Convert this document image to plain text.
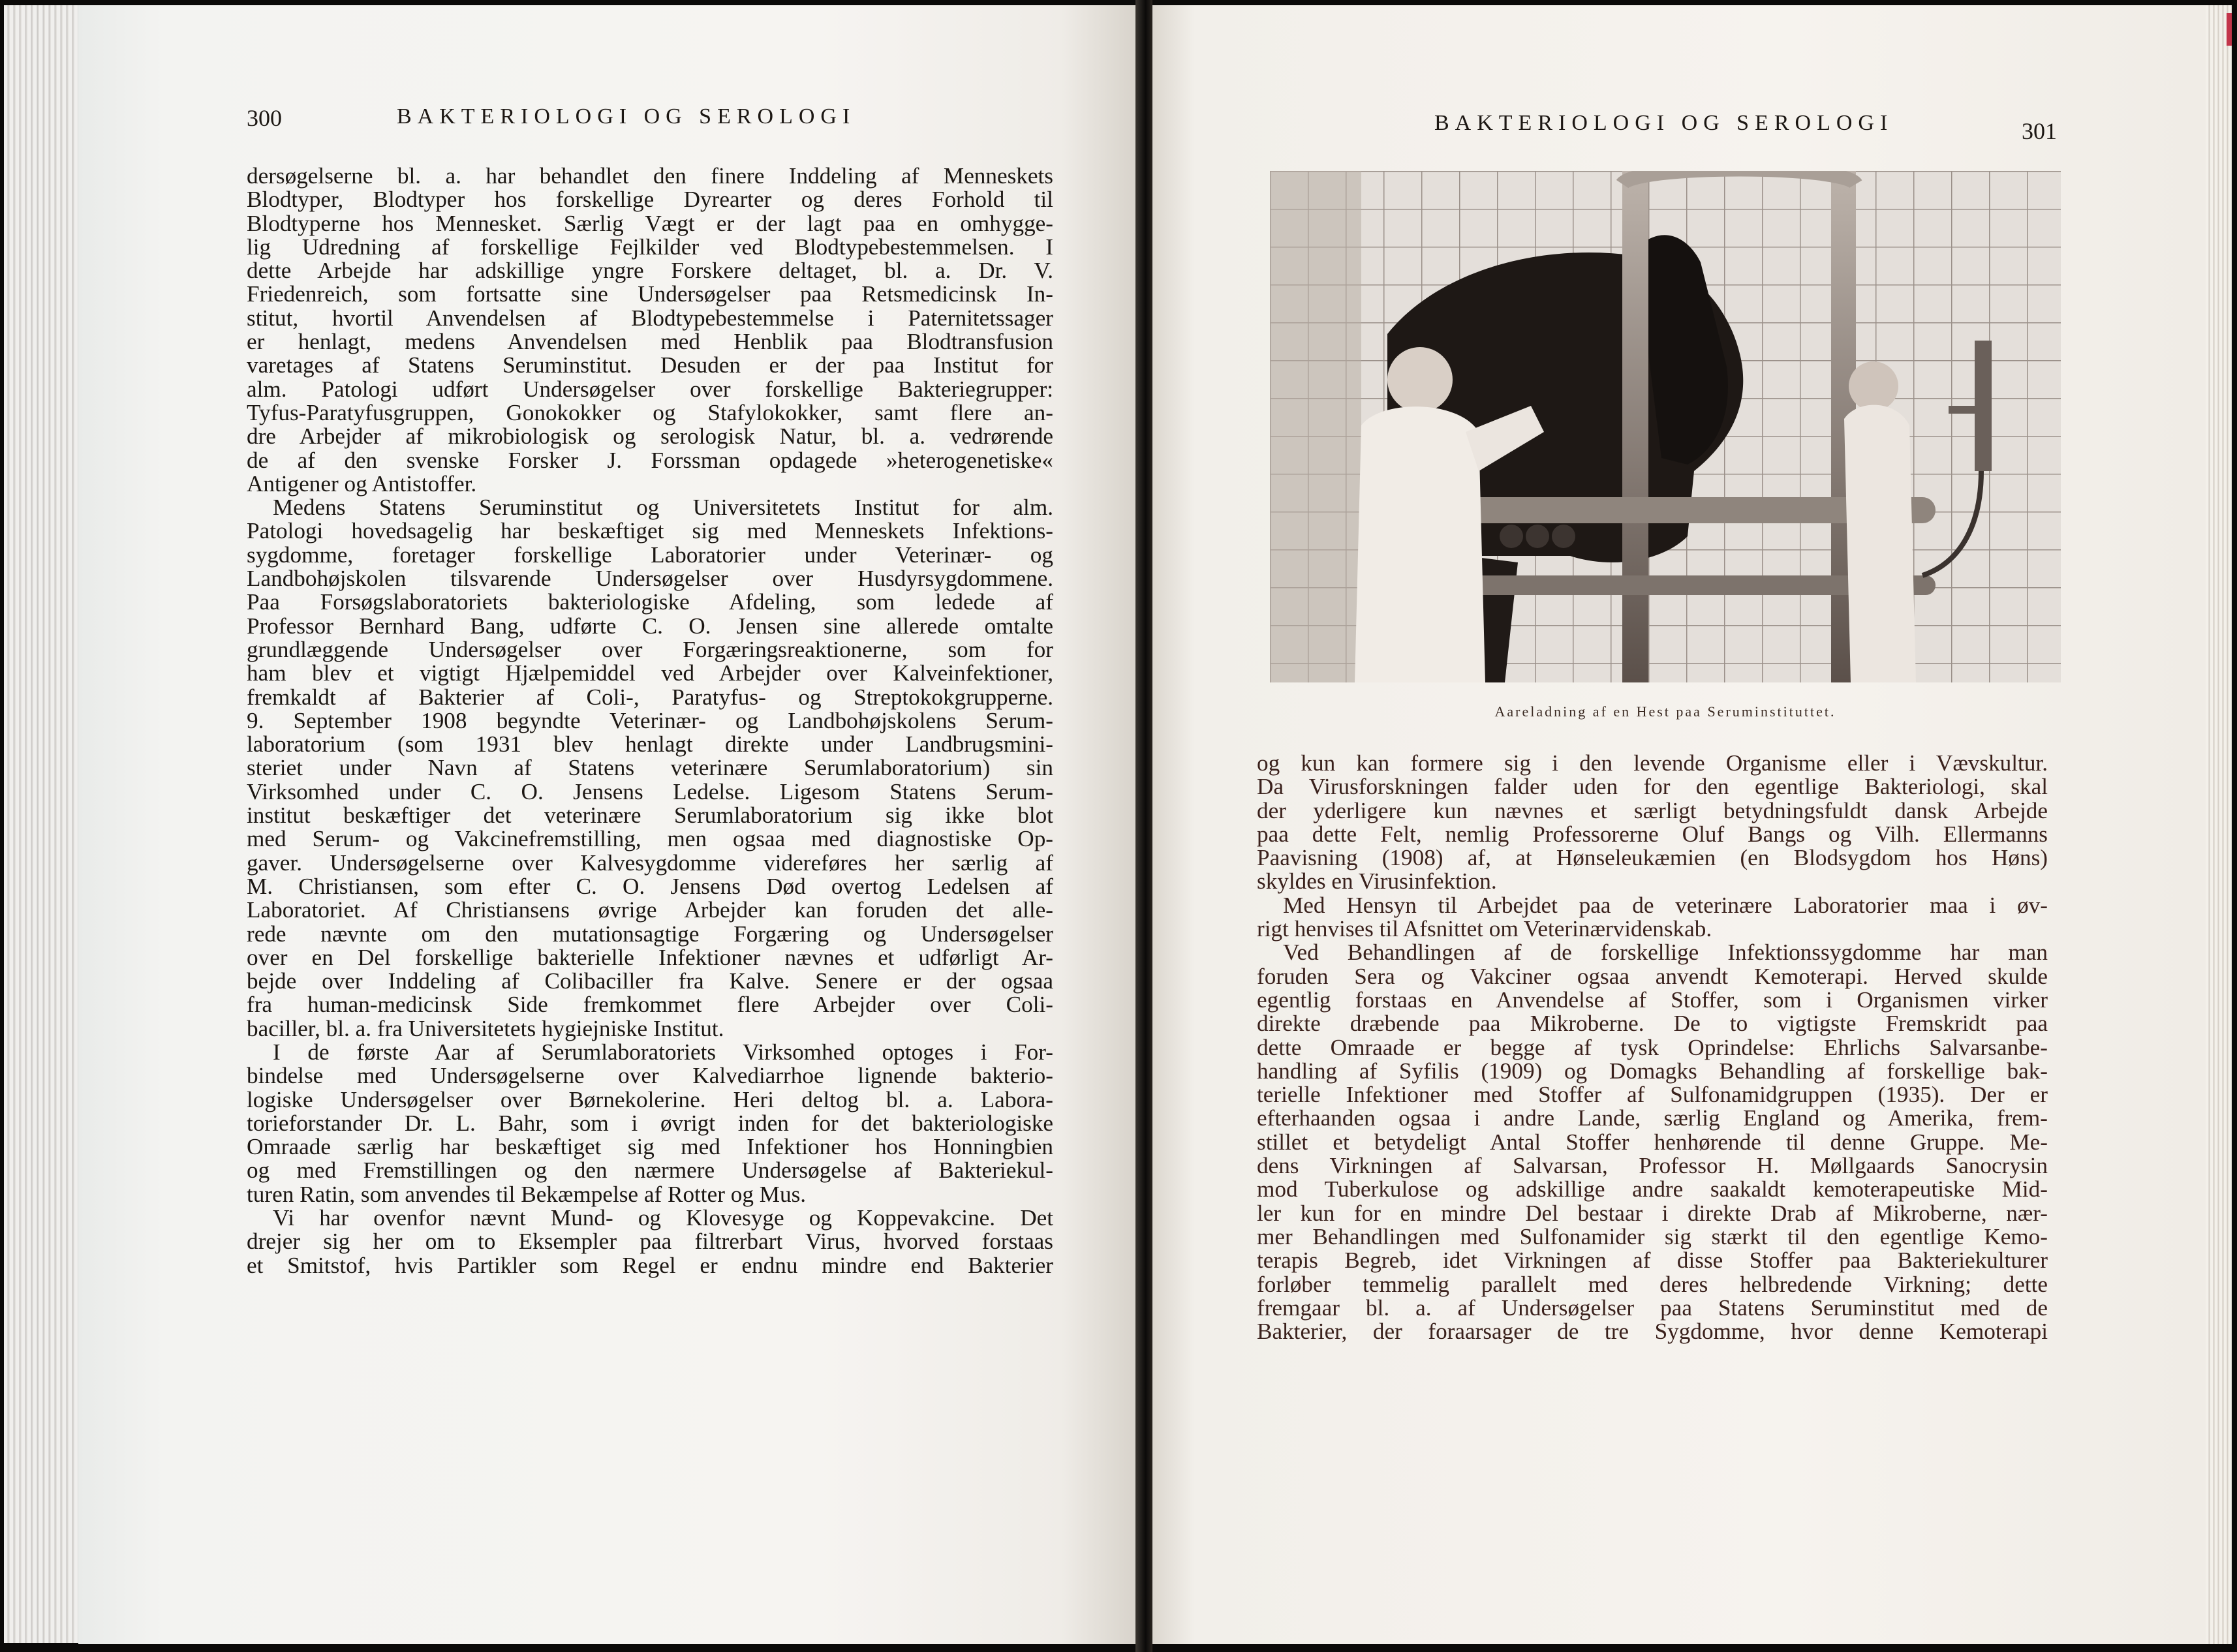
300	BAKTERIOLOGI OG SEROLOGI

dersøgelserne bl. a. har behandlet den finere Inddeling af Menneskets

Blodtyper, Blodtyper hos forskellige Dyrearter og deres Forhold til

Blodtyperne hos Mennesket. Særlig Vægt er der lagt paa en omhygge-

lig Udredning af forskellige Fejlkilder ved Blodtypebestemmelsen. I

dette Arbejde har adskillige yngre Forskere deltaget, bl. a. Dr. V.

Friedenreich, som fortsatte sine Undersøgelser paa Retsmedicinsk In-

stitut, hvortil Anvendelsen af Blodtypebestemmelse i Paternitetssager

er henlagt, medens Anvendelsen med Henblik paa Blodtransfusion

varetages af Statens Seruminstitut. Desuden er der paa Institut for

alm. Patologi udført Undersøgelser over forskellige Bakteriegrupper:

Tyfus-Paratyfusgruppen, Gonokokker og Stafylokokker, samt flere an-

dre Arbejder af mikrobiologisk og serologisk Natur, bl. a. vedrørende

de af den svenske Forsker J. Forssman opdagede »heterogenetiske«

Antigener og Antistoffer.

Medens Statens Seruminstitut og Universitetets Institut for alm.

Patologi hovedsagelig har beskæftiget sig med Menneskets Infektions-

sygdomme, foretager forskellige Laboratorier under Veterinær- og

Landbohøjskolen tilsvarende Undersøgelser over Husdyrsygdommene.

Paa Forsøgslaboratoriets bakteriologiske Afdeling, som ledede af

Professor Bernhard Bang, udførte C. O. Jensen sine allerede omtalte

grundlæggende Undersøgelser over Forgæringsreaktionerne, som for

ham blev et vigtigt Hjælpemiddel ved Arbejder over Kalveinfektioner,

fremkaldt af Bakterier af Coli-, Paratyfus- og Streptokokgrupperne.

9. September 1908 begyndte Veterinær- og Landbohøjskolens Serum-

laboratorium (som 1931 blev henlagt direkte under Landbrugsmini-

steriet under Navn af Statens veterinære Serumlaboratorium) sin

Virksomhed under C. O. Jensens Ledelse. Ligesom Statens Serum-

institut beskæftiger det veterinære Serumlaboratorium sig ikke blot

med Serum- og Vakcinefremstilling, men ogsaa med diagnostiske Op-

gaver. Undersøgelserne over Kalvesygdomme videreføres her særlig af

M. Christiansen, som efter C. O. Jensens Død overtog Ledelsen af

Laboratoriet. Af Christiansens øvrige Arbejder kan foruden det alle-

rede nævnte om den mutationsagtige Forgæring og Undersøgelser

over en Del forskellige bakterielle Infektioner nævnes et udførligt Ar-

bejde over Inddeling af Colibaciller fra Kalve. Senere er der ogsaa

fra human-medicinsk Side fremkommet flere Arbejder over Coli-

baciller, bl. a. fra Universitetets hygiejniske Institut.

I de første Aar af Serumlaboratoriets Virksomhed optoges i For-

bindelse med Undersøgelserne over Kalvediarrhoe lignende bakterio-

logiske Undersøgelser over Børnekolerine. Heri deltog bl. a. Labora-

torieforstander Dr. L. Bahr, som i øvrigt inden for det bakteriologiske

Omraade særlig har beskæftiget sig med Infektioner hos Honningbien

og med Fremstillingen og den nærmere Undersøgelse af Bakteriekul-

turen Ratin, som anvendes til Bekæmpelse af Rotter og Mus.

Vi har ovenfor nævnt Mund- og Klovesyge og Koppevakcine. Det

drejer sig her om to Eksempler paa filtrerbart Virus, hvorved forstaas

et Smitstof, hvis Partikler som Regel er endnu mindre end Bakterier

BAKTERIOLOGI OG SEROLOGI	301
Aareladning af en Hest paa Seruminstituttet.

og kun kan formere sig i den levende Organisme eller i Vævskultur.

Da Virusforskningen falder uden for den egentlige Bakteriologi, skal

der yderligere kun nævnes et særligt betydningsfuldt dansk Arbejde

paa dette Felt, nemlig Professorerne Oluf Bangs og Vilh. Ellermanns

Paavisning (1908) af, at Hønseleukæmien (en Blodsygdom hos Høns)

skyldes en Virusinfektion.

Med Hensyn til Arbejdet paa de veterinære Laboratorier maa i øv-

rigt henvises til Afsnittet om Veterinærvidenskab.

Ved Behandlingen af de forskellige Infektionssygdomme har man

foruden Sera og Vakciner ogsaa anvendt Kemoterapi. Herved skulde

egentlig forstaas en Anvendelse af Stoffer, som i Organismen virker

direkte dræbende paa Mikroberne. De to vigtigste Fremskridt paa

dette Omraade er begge af tysk Oprindelse: Ehrlichs Salvarsanbe-

handling af Syfilis (1909) og Domagks Behandling af forskellige bak-

terielle Infektioner med Stoffer af Sulfonamidgruppen (1935). Der er

efterhaanden ogsaa i andre Lande, særlig England og Amerika, frem-

stillet et betydeligt Antal Stoffer henhørende til denne Gruppe. Me-

dens Virkningen af Salvarsan, Professor H. Møllgaards Sanocrysin

mod Tuberkulose og adskillige andre saakaldt kemoterapeutiske Mid-

ler kun for en mindre Del bestaar i direkte Drab af Mikroberne, nær-

mer Behandlingen med Sulfonamider sig stærkt til den egentlige Kemo-

terapis Begreb, idet Virkningen af disse Stoffer paa Bakteriekulturer

forløber temmelig parallelt med deres helbredende Virkning; dette

fremgaar bl. a. af Undersøgelser paa Statens Seruminstitut med de

Bakterier, der foraarsager de tre Sygdomme, hvor denne Kemoterapi
